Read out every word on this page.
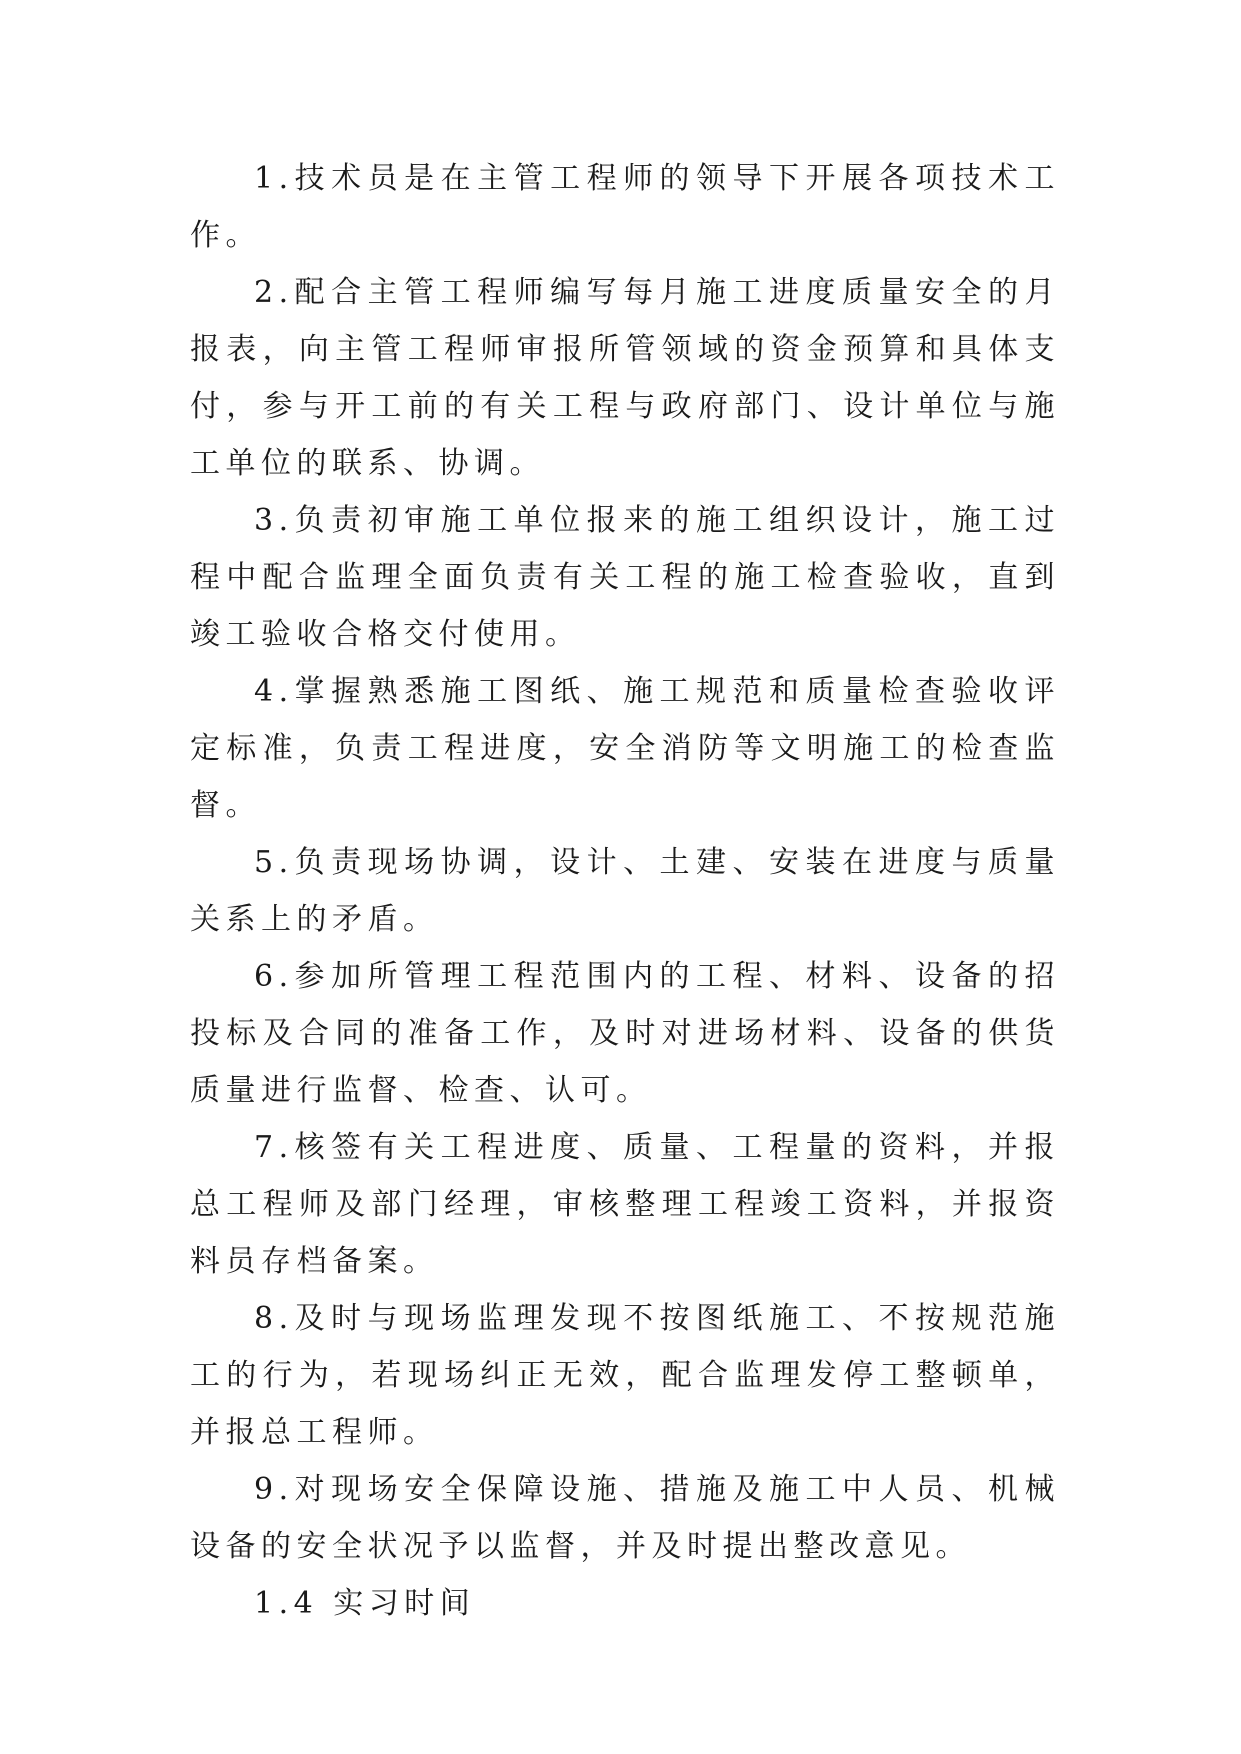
1.技术员是在主管工程师的领导下开展各项技术工作。

2.配合主管工程师编写每月施工进度质量安全的月报表，向主管工程师审报所管领域的资金预算和具体支付，参与开工前的有关工程与政府部门、设计单位与施工单位的联系、协调。

3.负责初审施工单位报来的施工组织设计，施工过程中配合监理全面负责有关工程的施工检查验收，直到竣工验收合格交付使用。

4.掌握熟悉施工图纸、施工规范和质量检查验收评定标准，负责工程进度，安全消防等文明施工的检查监督。

5.负责现场协调，设计、土建、安装在进度与质量关系上的矛盾。

6.参加所管理工程范围内的工程、材料、设备的招投标及合同的准备工作，及时对进场材料、设备的供货质量进行监督、检查、认可。

7.核签有关工程进度、质量、工程量的资料，并报总工程师及部门经理，审核整理工程竣工资料，并报资料员存档备案。

8.及时与现场监理发现不按图纸施工、不按规范施工的行为，若现场纠正无效，配合监理发停工整顿单，并报总工程师。

9.对现场安全保障设施、措施及施工中人员、机械设备的安全状况予以监督，并及时提出整改意见。

1.4 实习时间
